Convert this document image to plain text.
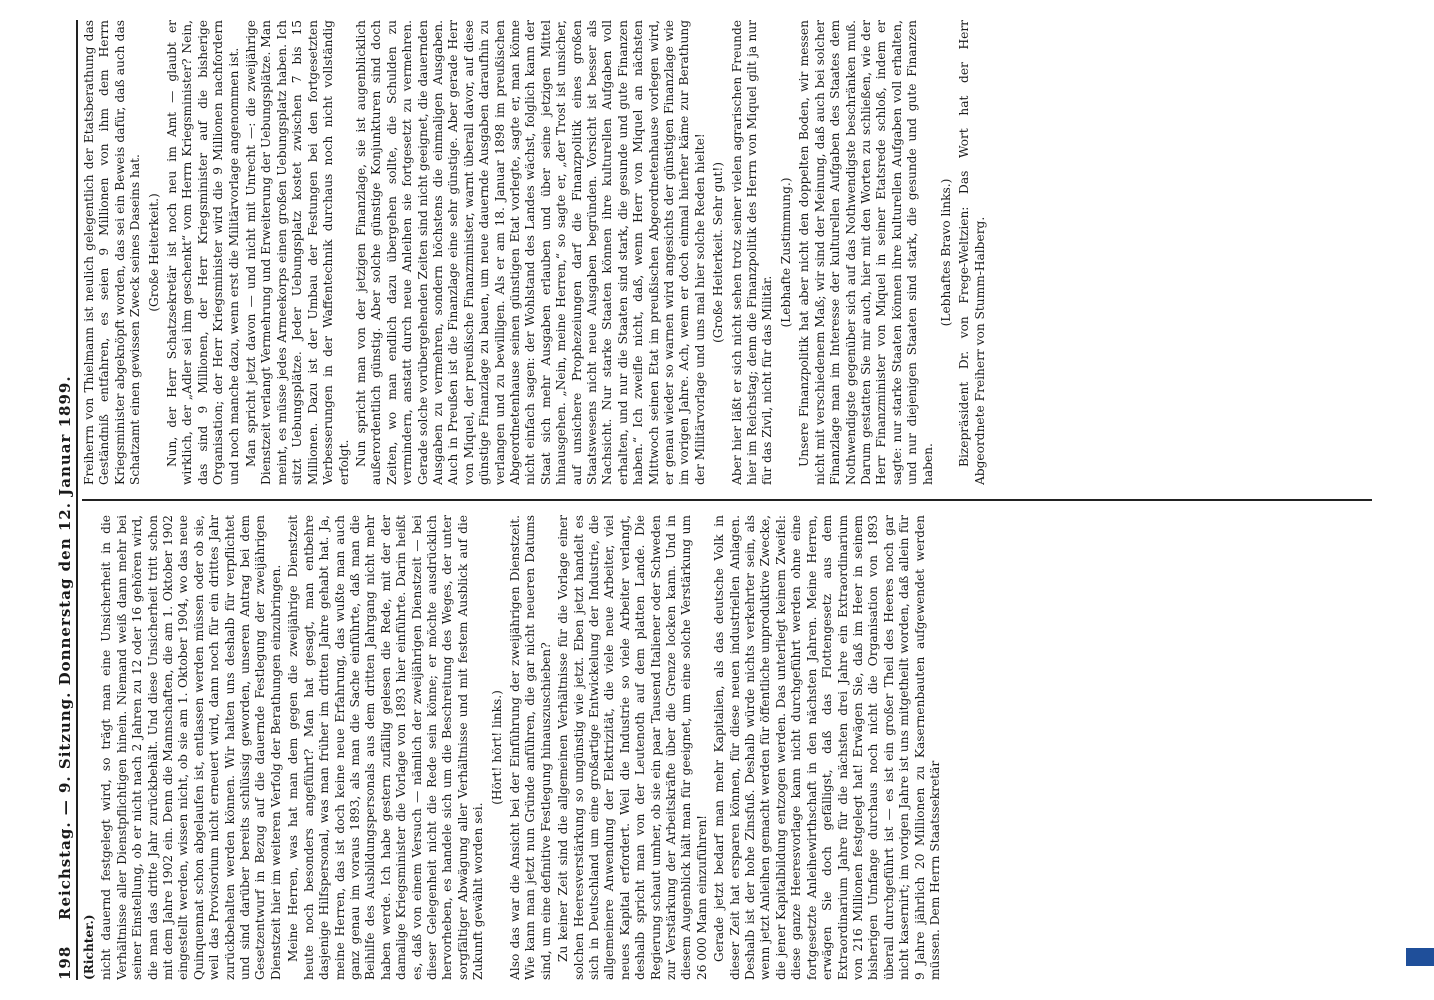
198
Reichstag. — 9. Sitzung. Donnerstag den 12. Januar 1899.

(Richter.) nicht dauernd festgelegt wird, so trägt man eine Unsicherheit in die Verhältnisse aller Dienstpflichtigen hinein. Niemand weiß dann mehr bei seiner Einstellung, ob er nicht nach 2 Jahren zu 12 oder 16 gehören wird, die man das dritte Jahr zurückbehält. Und diese Unsicherheit tritt schon mit dem Jahre 1902 ein. Denn die Mannschaften, die am 1. Oktober 1902 eingestellt werden, wissen nicht, ob sie am 1. Oktober 1904, wo das neue Quinquennat schon abgelaufen ist, entlassen werden müssen oder ob sie, weil das Provisorium nicht erneuert wird, dann noch für ein drittes Jahr zurückbehalten werden können. Wir halten uns deshalb für verpflichtet und sind darüber bereits schlüssig geworden, unseren Antrag bei dem Gesetzentwurf in Bezug auf die dauernde Festlegung der zweijährigen Dienstzeit hier im weiteren Verfolg der Berathungen einzubringen. Meine Herren, was hat man dem gegen die zweijährige Dienstzeit heute noch besonders angeführt? Man hat gesagt, man entbehre dasjenige Hilfspersonal, was man früher im dritten Jahre gehabt hat. Ja, meine Herren, das ist doch keine neue Erfahrung, das wußte man auch ganz genau im voraus 1893, als man die Sache einführte, daß man die Beihilfe des Ausbildungspersonals aus dem dritten Jahrgang nicht mehr haben werde. Ich habe gestern zufällig gelesen die Rede, mit der der damalige Kriegsminister die Vorlage von 1893 hier einführte. Darin heißt es, daß von einem Versuch — nämlich der zweijährigen Dienstzeit — bei dieser Gelegenheit nicht die Rede sein könne; er möchte ausdrücklich hervorheben, es handele sich um die Beschreitung des Weges, der unter sorgfältiger Abwägung aller Verhältnisse und mit festem Ausblick auf die Zukunft gewählt worden sei.

(Hört! hört! links.) Also das war die Ansicht bei der Einführung der zweijährigen Dienstzeit. Wie kann man jetzt nun Gründe anführen, die gar nicht neueren Datums sind, um eine definitive Festlegung hinauszuschieben? Zu keiner Zeit sind die allgemeinen Verhältnisse für die Vorlage einer solchen Heeresverstärkung so ungünstig wie jetzt. Eben jetzt handelt es sich in Deutschland um eine großartige Entwickelung der Industrie, die allgemeinere Anwendung der Elektrizität, die viele neue Arbeiter, viel neues Kapital erfordert. Weil die Industrie so viele Arbeiter verlangt, deshalb spricht man von der Leutenoth auf dem platten Lande. Die Regierung schaut umher, ob sie ein paar Tausend Italiener oder Schweden zur Verstärkung der Arbeitskräfte über die Grenze locken kann. Und in diesem Augenblick hält man für geeignet, um eine solche Verstärkung um 26 000 Mann einzuführen! Gerade jetzt bedarf man mehr Kapitalien, als das deutsche Volk in dieser Zeit hat ersparen können, für diese neuen industriellen Anlagen. Deshalb ist der hohe Zinsfuß. Deshalb würde nichts verkehrter sein, als wenn jetzt Anleihen gemacht werden für öffentliche unproduktive Zwecke, die jener Kapitalbildung entzogen werden. Das unterliegt keinem Zweifel: diese ganze Heeresvorlage kann nicht durchgeführt werden ohne eine fortgesetzte Anleihewirthschaft in den nächsten Jahren. Meine Herren, erwägen Sie doch gefälligst, daß das Flottengesetz aus dem Extraordinarium Jahre für die nächsten drei Jahre ein Extraordinarium von 216 Millionen festgelegt hat! Erwägen Sie, daß im Heer in seinem bisherigen Umfange durchaus noch nicht die Organisation von 1893 überall durchgeführt ist — es ist ein großer Theil des Heeres noch gar nicht kasernirt; im vorigen Jahre ist uns mitgetheilt worden, daß allein für 9 Jahre jährlich 20 Millionen zu Kasernenbauten aufgewendet werden müssen. Dem Herrn Staatssekretär

Freiherrn von Thielmann ist neulich gelegentlich der Etatsberathung das Geständniß entfahren, es seien 9 Millionen von ihm dem Herrn Kriegsminister abgeknöpft worden, das sei ein Beweis dafür, daß auch das Schatzamt einen gewissen Zweck seines Daseins hat. (Große Heiterkeit.) Nun, der Herr Schatzsekretär ist noch neu im Amt — glaubt er wirklich, der „Adler sei ihm geschenkt“ vom Herrn Kriegsminister? Nein, das sind 9 Millionen, der Herr Kriegsminister auf die bisherige Organisation; der Herr Kriegsminister wird die 9 Millionen nachfordern und noch manche dazu, wenn erst die Militärvorlage angenommen ist. Man spricht jetzt davon — und nicht mit Unrecht —: die zweijährige Dienstzeit verlangt Vermehrung und Erweiterung der Uebungsplätze. Man meint, es müsse jedes Armeekorps einen großen Uebungsplatz haben. Ich sitzt Uebungsplätze. Jeder Uebungsplatz kostet zwischen 7 bis 15 Millionen. Dazu ist der Umbau der Festungen bei den fortgesetzten Verbesserungen in der Waffentechnik durchaus noch nicht vollständig erfolgt. Nun spricht man von der jetzigen Finanzlage, sie ist augenblicklich außerordentlich günstig. Aber solche günstige Konjunkturen sind doch Zeiten, wo man endlich dazu übergehen sollte, die Schulden zu vermindern, anstatt durch neue Anleihen sie fortgesetzt zu vermehren. Gerade solche vorübergehenden Zeiten sind nicht geeignet, die dauernden Ausgaben zu vermehren, sondern höchstens die einmaligen Ausgaben. Auch in Preußen ist die Finanzlage eine sehr günstige. Aber gerade Herr von Miquel, der preußische Finanzminister, warnt überall davor, auf diese günstige Finanzlage zu bauen, um neue dauernde Ausgaben daraufhin zu verlangen und zu bewilligen. Als er am 18. Januar 1898 im preußischen Abgeordnetenhause seinen günstigen Etat vorlegte, sagte er, man könne nicht einfach sagen: der Wohlstand des Landes wächst, folglich kann der Staat sich mehr Ausgaben erlauben und über seine jetzigen Mittel hinausgehen. „Nein, meine Herren,“ so sagte er, „der Trost ist unsicher, auf unsichere Prophezeiungen darf die Finanzpolitik eines großen Staatswesens nicht neue Ausgaben begründen. Vorsicht ist besser als Nachsicht. Nur starke Staaten können ihre kulturellen Aufgaben voll erhalten, und nur die Staaten sind stark, die gesunde und gute Finanzen haben.“ Ich zweifle nicht, daß, wenn Herr von Miquel an nächsten Mittwoch seinen Etat im preußischen Abgeordnetenhause vorlegen wird, er genau wieder so warnen wird angesichts der günstigen Finanzlage wie im vorigen Jahre. Ach, wenn er doch einmal hierher käme zur Berathung der Militärvorlage und uns mal hier solche Reden hielte! (Große Heiterkeit. Sehr gut!) Aber hier läßt er sich nicht sehen trotz seiner vielen agrarischen Freunde hier im Reichstag; denn die Finanzpolitik des Herrn von Miquel gilt ja nur für das Zivil, nicht für das Militär.

(Lebhafte Zustimmung.) Unsere Finanzpolitik hat aber nicht den doppelten Boden, wir messen nicht mit verschiedenem Maß; wir sind der Meinung, daß auch bei solcher Finanzlage man im Interesse der kulturellen Aufgaben des Staates dem Nothwendigste gegenüber sich auf das Nothwendigste beschränken muß. Darum gestatten Sie mir auch, hier mit den Worten zu schließen, wie der Herr Finanzminister von Miquel in seiner Etatsrede schloß, indem er sagte: nur starke Staaten können ihre kulturellen Aufgaben voll erhalten, und nur diejenigen Staaten sind stark, die gesunde und gute Finanzen haben.

(Lebhaftes Bravo links.) Bizepräsident Dr. von Frege-Weltzien: Das Wort hat der Herr Abgeordnete Freiherr von Stumm-Halberg.
